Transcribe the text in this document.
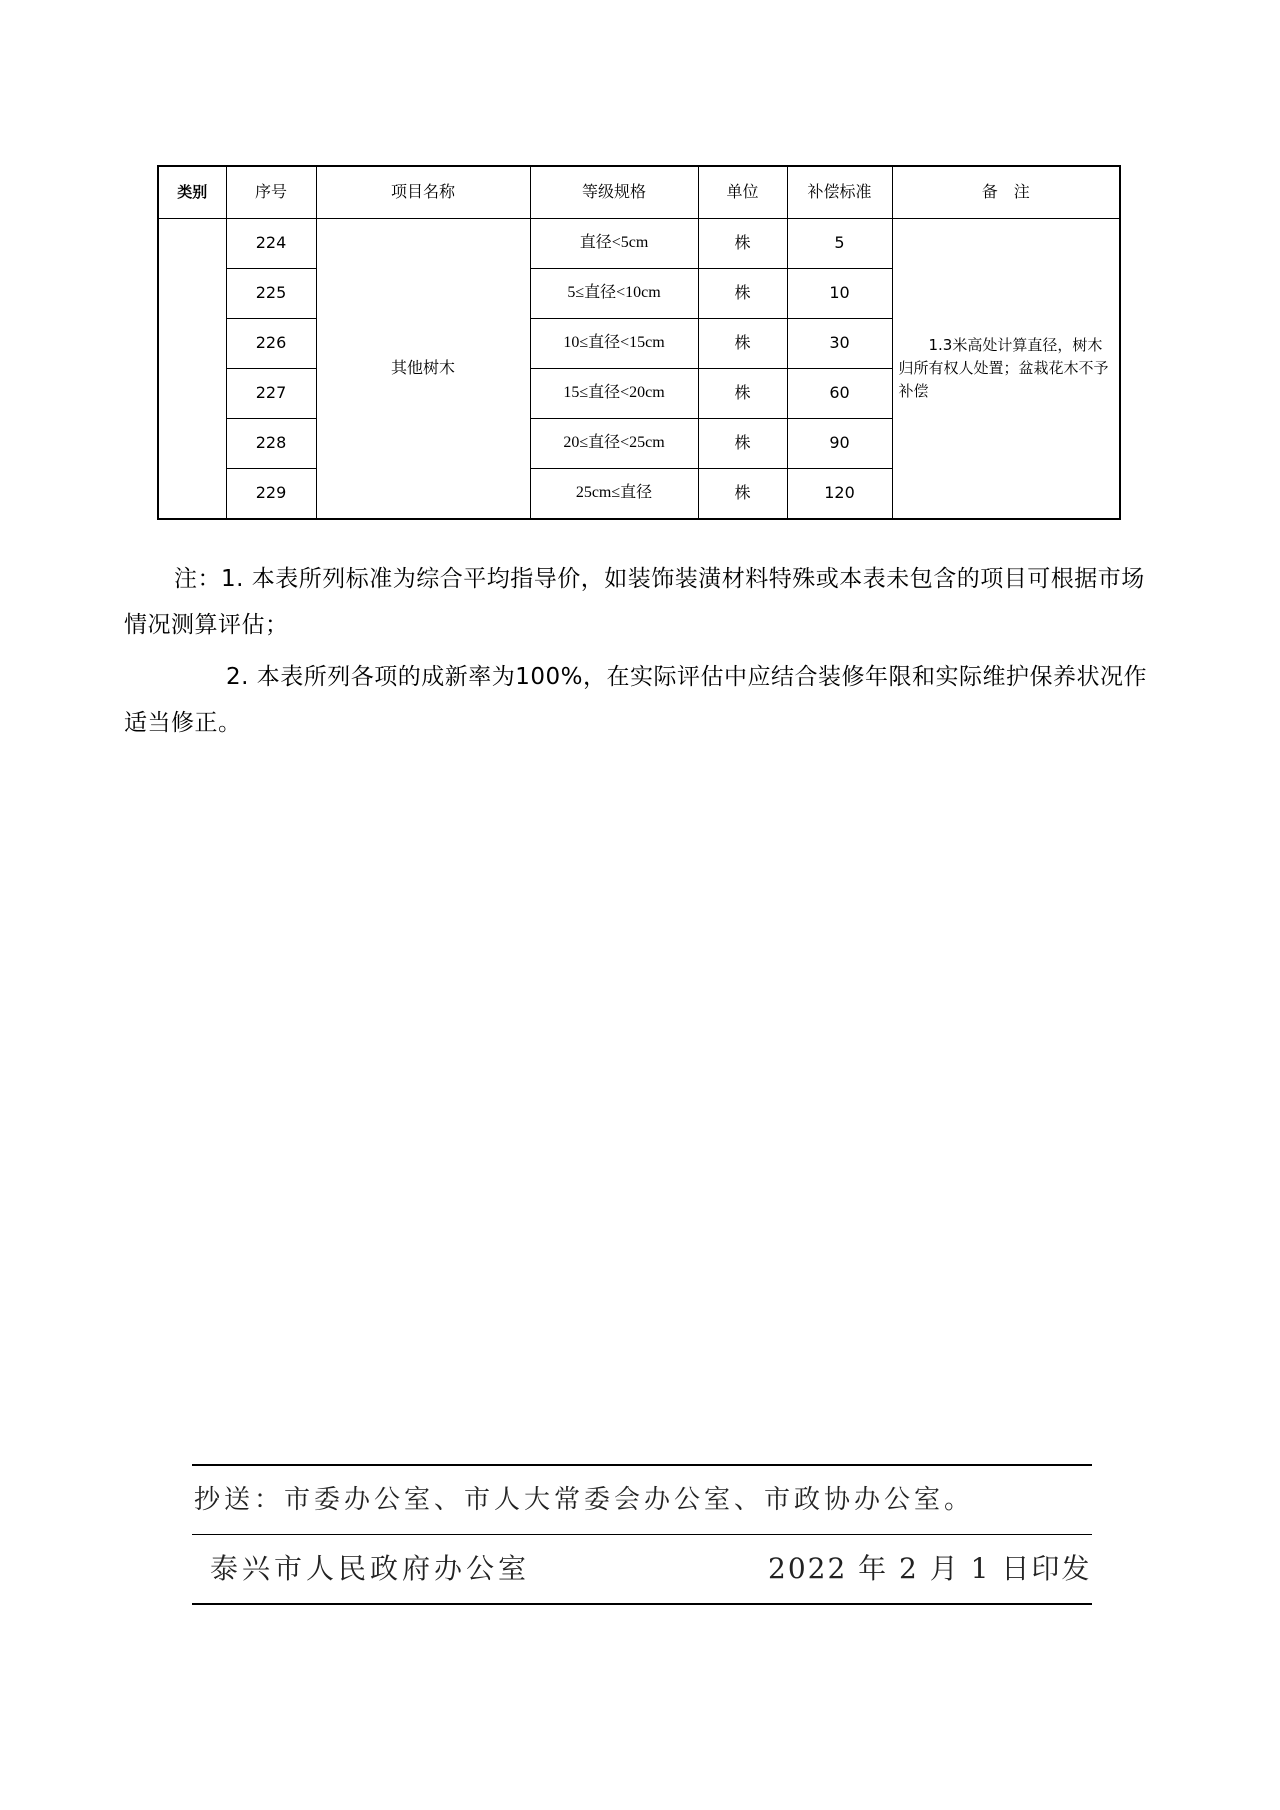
类别	序号	项目名称	等级规格	单位	补偿标准	备　注
	224	其他树木	直径<5cm	株	5	1.3米高处计算直径，树木归所有权人处置；盆栽花木不予补偿

	225		5≤直径<10cm	株	10	
	226		10≤直径<15cm	株	30	
	227		15≤直径<20cm	株	60	
	228		20≤直径<25cm	株	90	
	229		25cm≤直径	株	120	

注：1. 本表所列标准为综合平均指导价，如装饰装潢材料特殊或本表未包含的项目可根据市场情况测算评估；

2. 本表所列各项的成新率为100%，在实际评估中应结合装修年限和实际维护保养状况作适当修正。

抄送：市委办公室、市人大常委会办公室、市政协办公室。
泰兴市人民政府办公室	2022 年 2 月 1 日印发
